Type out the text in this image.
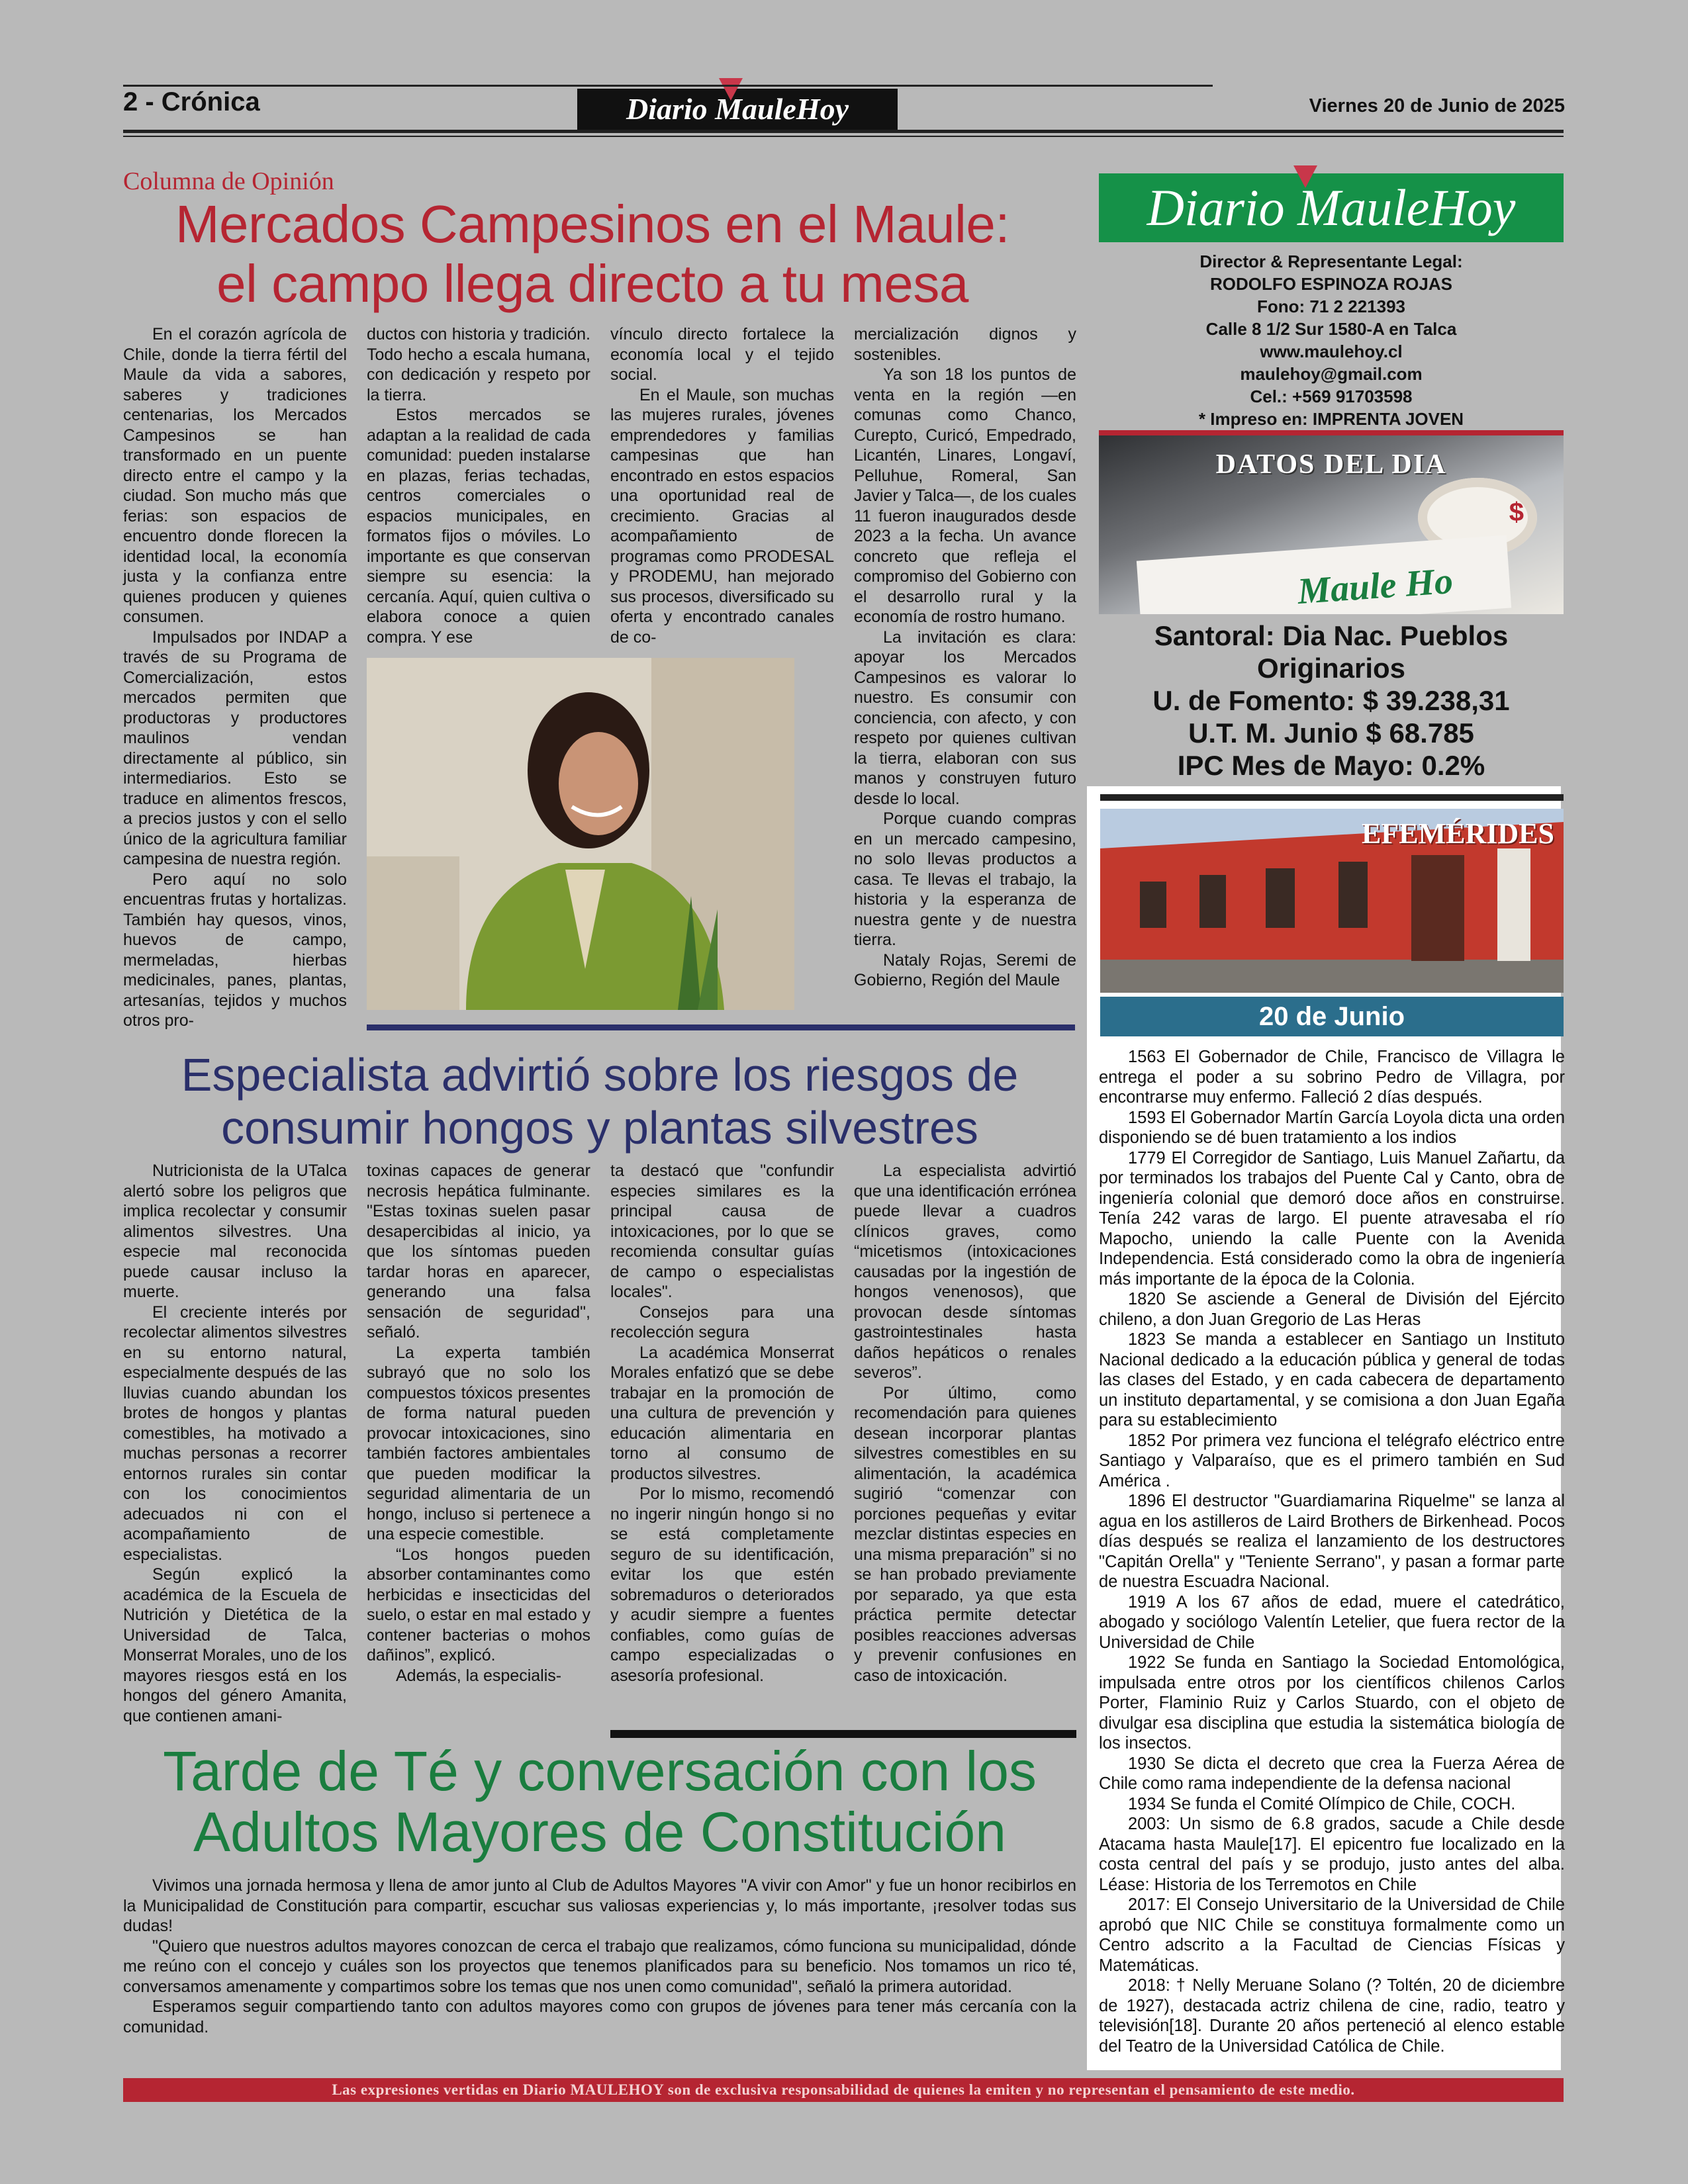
2 - Crónica	Diario MauleHoy	Viernes 20 de Junio de 2025
Columna de Opinión
Mercados Campesinos en el Maule:
el campo llega directo a tu mesa

En el corazón agrícola de Chile, donde la tierra fértil del Maule da vida a sabores, saberes y tradiciones centenarias, los Mercados Campesinos se han transformado en un puente directo entre el campo y la ciudad. Son mucho más que ferias: son espacios de encuentro donde florecen la identidad local, la economía justa y la confianza entre quienes producen y quienes consumen.

Impulsados por INDAP a través de su Programa de Comercialización, estos mercados permiten que productoras y productores maulinos vendan directamente al público, sin intermediarios. Esto se traduce en alimentos frescos, a precios justos y con el sello único de la agricultura familiar campesina de nuestra región.

Pero aquí no solo encuentras frutas y hortalizas. También hay quesos, vinos, huevos de campo, mermeladas, hierbas medicinales, panes, plantas, artesanías, tejidos y muchos otros pro-

ductos con historia y tradición. Todo hecho a escala humana, con dedicación y respeto por la tierra.

Estos mercados se adaptan a la realidad de cada comunidad: pueden instalarse en plazas, ferias techadas, centros comerciales o espacios municipales, en formatos fijos o móviles. Lo importante es que conservan siempre su esencia: la cercanía. Aquí, quien cultiva o elabora conoce a quien compra. Y ese

vínculo directo fortalece la economía local y el tejido social.

En el Maule, son muchas las mujeres rurales, jóvenes emprendedores y familias campesinas que han encontrado en estos espacios una oportunidad real de crecimiento. Gracias al acompañamiento de programas como PRODESAL y PRODEMU, han mejorado sus procesos, diversificado su oferta y encontrado canales de co-

mercialización dignos y sostenibles.

Ya son 18 los puntos de venta en la región —en comunas como Chanco, Curepto, Curicó, Empedrado, Licantén, Linares, Longaví, Pelluhue, Romeral, San Javier y Talca—, de los cuales 11 fueron inaugurados desde 2023 a la fecha. Un avance concreto que refleja el compromiso del Gobierno con el desarrollo rural y la economía de rostro humano.

La invitación es clara: apoyar los Mercados Campesinos es valorar lo nuestro. Es consumir con conciencia, con afecto, y con respeto por quienes cultivan la tierra, elaboran con sus manos y construyen futuro desde lo local.

Porque cuando compras en un mercado campesino, no solo llevas productos a casa. Te llevas el trabajo, la historia y la esperanza de nuestra gente y de nuestra tierra.

Nataly Rojas, Seremi de Gobierno, Región del Maule

Especialista advirtió sobre los riesgos de
consumir hongos y plantas silvestres

Nutricionista de la UTalca alertó sobre los peligros que implica recolectar y consumir alimentos silvestres. Una especie mal reconocida puede causar incluso la muerte.

El creciente interés por recolectar alimentos silvestres en su entorno natural, especialmente después de las lluvias cuando abundan los brotes de hongos y plantas comestibles, ha motivado a muchas personas a recorrer entornos rurales sin contar con los conocimientos adecuados ni con el acompañamiento de especialistas.

Según explicó la académica de la Escuela de Nutrición y Dietética de la Universidad de Talca, Monserrat Morales, uno de los mayores riesgos está en los hongos del género Amanita, que contienen amani-

toxinas capaces de generar necrosis hepática fulminante. "Estas toxinas suelen pasar desapercibidas al inicio, ya que los síntomas pueden tardar horas en aparecer, generando una falsa sensación de seguridad", señaló.

La experta también subrayó que no solo los compuestos tóxicos presentes de forma natural pueden provocar intoxicaciones, sino también factores ambientales que pueden modificar la seguridad alimentaria de un hongo, incluso si pertenece a una especie comestible.

“Los hongos pueden absorber contaminantes como herbicidas e insecticidas del suelo, o estar en mal estado y contener bacterias o mohos dañinos”, explicó.

Además, la especialis-

ta destacó que "confundir especies similares es la principal causa de intoxicaciones, por lo que se recomienda consultar guías de campo o especialistas locales".

Consejos para una recolección segura

La académica Monserrat Morales enfatizó que se debe trabajar en la promoción de una cultura de prevención y educación alimentaria en torno al consumo de productos silvestres.

Por lo mismo, recomendó no ingerir ningún hongo si no se está completamente seguro de su identificación, evitar los que estén sobremaduros o deteriorados y acudir siempre a fuentes confiables, como guías de campo especializadas o asesoría profesional.

La especialista advirtió que una identificación errónea puede llevar a cuadros clínicos graves, como “micetismos (intoxicaciones causadas por la ingestión de hongos venenosos), que provocan desde síntomas gastrointestinales hasta daños hepáticos o renales severos”.

Por último, como recomendación para quienes desean incorporar plantas silvestres comestibles en su alimentación, la académica sugirió “comenzar con porciones pequeñas y evitar mezclar distintas especies en una misma preparación” si no se han probado previamente por separado, ya que esta práctica permite detectar posibles reacciones adversas y prevenir confusiones en caso de intoxicación.

Tarde de Té y conversación con los
Adultos Mayores de Constitución

Vivimos una jornada hermosa y llena de amor junto al Club de Adultos Mayores "A vivir con Amor" y fue un honor recibirlos en la Municipalidad de Constitución para compartir, escuchar sus valiosas experiencias y, lo más importante, ¡resolver todas sus dudas!

"Quiero que nuestros adultos mayores conozcan de cerca el trabajo que realizamos, cómo funciona su municipalidad, dónde me reúno con el concejo y cuáles son los proyectos que tenemos planificados para su beneficio. Nos tomamos un rico té, conversamos amenamente y compartimos sobre los temas que nos unen como comunidad", señaló la primera autoridad.

Esperamos seguir compartiendo tanto con adultos mayores como con grupos de jóvenes para tener más cercanía con la comunidad.

Diario MauleHoy
Director & Representante Legal:
RODOLFO ESPINOZA ROJAS
Fono: 71 2 221393
Calle 8 1/2 Sur 1580-A en Talca
www.maulehoy.cl
maulehoy@gmail.com
Cel.: +569 91703598
* Impreso en: IMPRENTA JOVEN
DATOS DEL DIA
$
Maule Ho
Santoral: Dia Nac. Pueblos Originarios
U. de Fomento: $ 39.238,31
U.T. M. Junio $ 68.785
IPC Mes de Mayo: 0.2%
EFEMÉRIDES
20 de Junio

1563 El Gobernador de Chile, Francisco de Villagra le entrega el poder a su sobrino Pedro de Villagra, por encontrarse muy enfermo. Falleció 2 días después.

1593 El Gobernador Martín García Loyola dicta una orden disponiendo se dé buen tratamiento a los indios

1779 El Corregidor de Santiago, Luis Manuel Zañartu, da por terminados los trabajos del Puente Cal y Canto, obra de ingeniería colonial que demoró doce años en construirse. Tenía 242 varas de largo. El puente atravesaba el río Mapocho, uniendo la calle Puente con la Avenida Independencia. Está considerado como la obra de ingeniería más importante de la época de la Colonia.

1820 Se asciende a General de División del Ejército chileno, a don Juan Gregorio de Las Heras

1823 Se manda a establecer en Santiago un Instituto Nacional dedicado a la educación pública y general de todas las clases del Estado, y en cada cabecera de departamento un instituto departamental, y se comisiona a don Juan Egaña para su establecimiento

1852 Por primera vez funciona el telégrafo eléctrico entre Santiago y Valparaíso, que es el primero también en Sud América .

1896 El destructor "Guardiamarina Riquelme" se lanza al agua en los astilleros de Laird Brothers de Birkenhead. Pocos días después se realiza el lanzamiento de los destructores "Capitán Orella" y "Teniente Serrano", y pasan a formar parte de nuestra Escuadra Nacional.

1919 A los 67 años de edad, muere el catedrático, abogado y sociólogo Valentín Letelier, que fuera rector de la Universidad de Chile

1922 Se funda en Santiago la Sociedad Entomológica, impulsada entre otros por los científicos chilenos Carlos Porter, Flaminio Ruiz y Carlos Stuardo, con el objeto de divulgar esa disciplina que estudia la sistemática biología de los insectos.

1930 Se dicta el decreto que crea la Fuerza Aérea de Chile como rama independiente de la defensa nacional

1934 Se funda el Comité Olímpico de Chile, COCH.

2003: Un sismo de 6.8 grados, sacude a Chile desde Atacama hasta Maule[17]. El epicentro fue localizado en la costa central del país y se produjo, justo antes del alba. Léase: Historia de los Terremotos en Chile

2017: El Consejo Universitario de la Universidad de Chile aprobó que NIC Chile se constituya formalmente como un Centro adscrito a la Facultad de Ciencias Físicas y Matemáticas.

2018: † Nelly Meruane Solano (? Toltén, 20 de diciembre de 1927), destacada actriz chilena de cine, radio, teatro y televisión[18]. Durante 20 años perteneció al elenco estable del Teatro de la Universidad Católica de Chile.

Las expresiones vertidas en Diario MAULEHOY son de exclusiva responsabilidad de quienes la emiten y no representan el pensamiento de este medio.
